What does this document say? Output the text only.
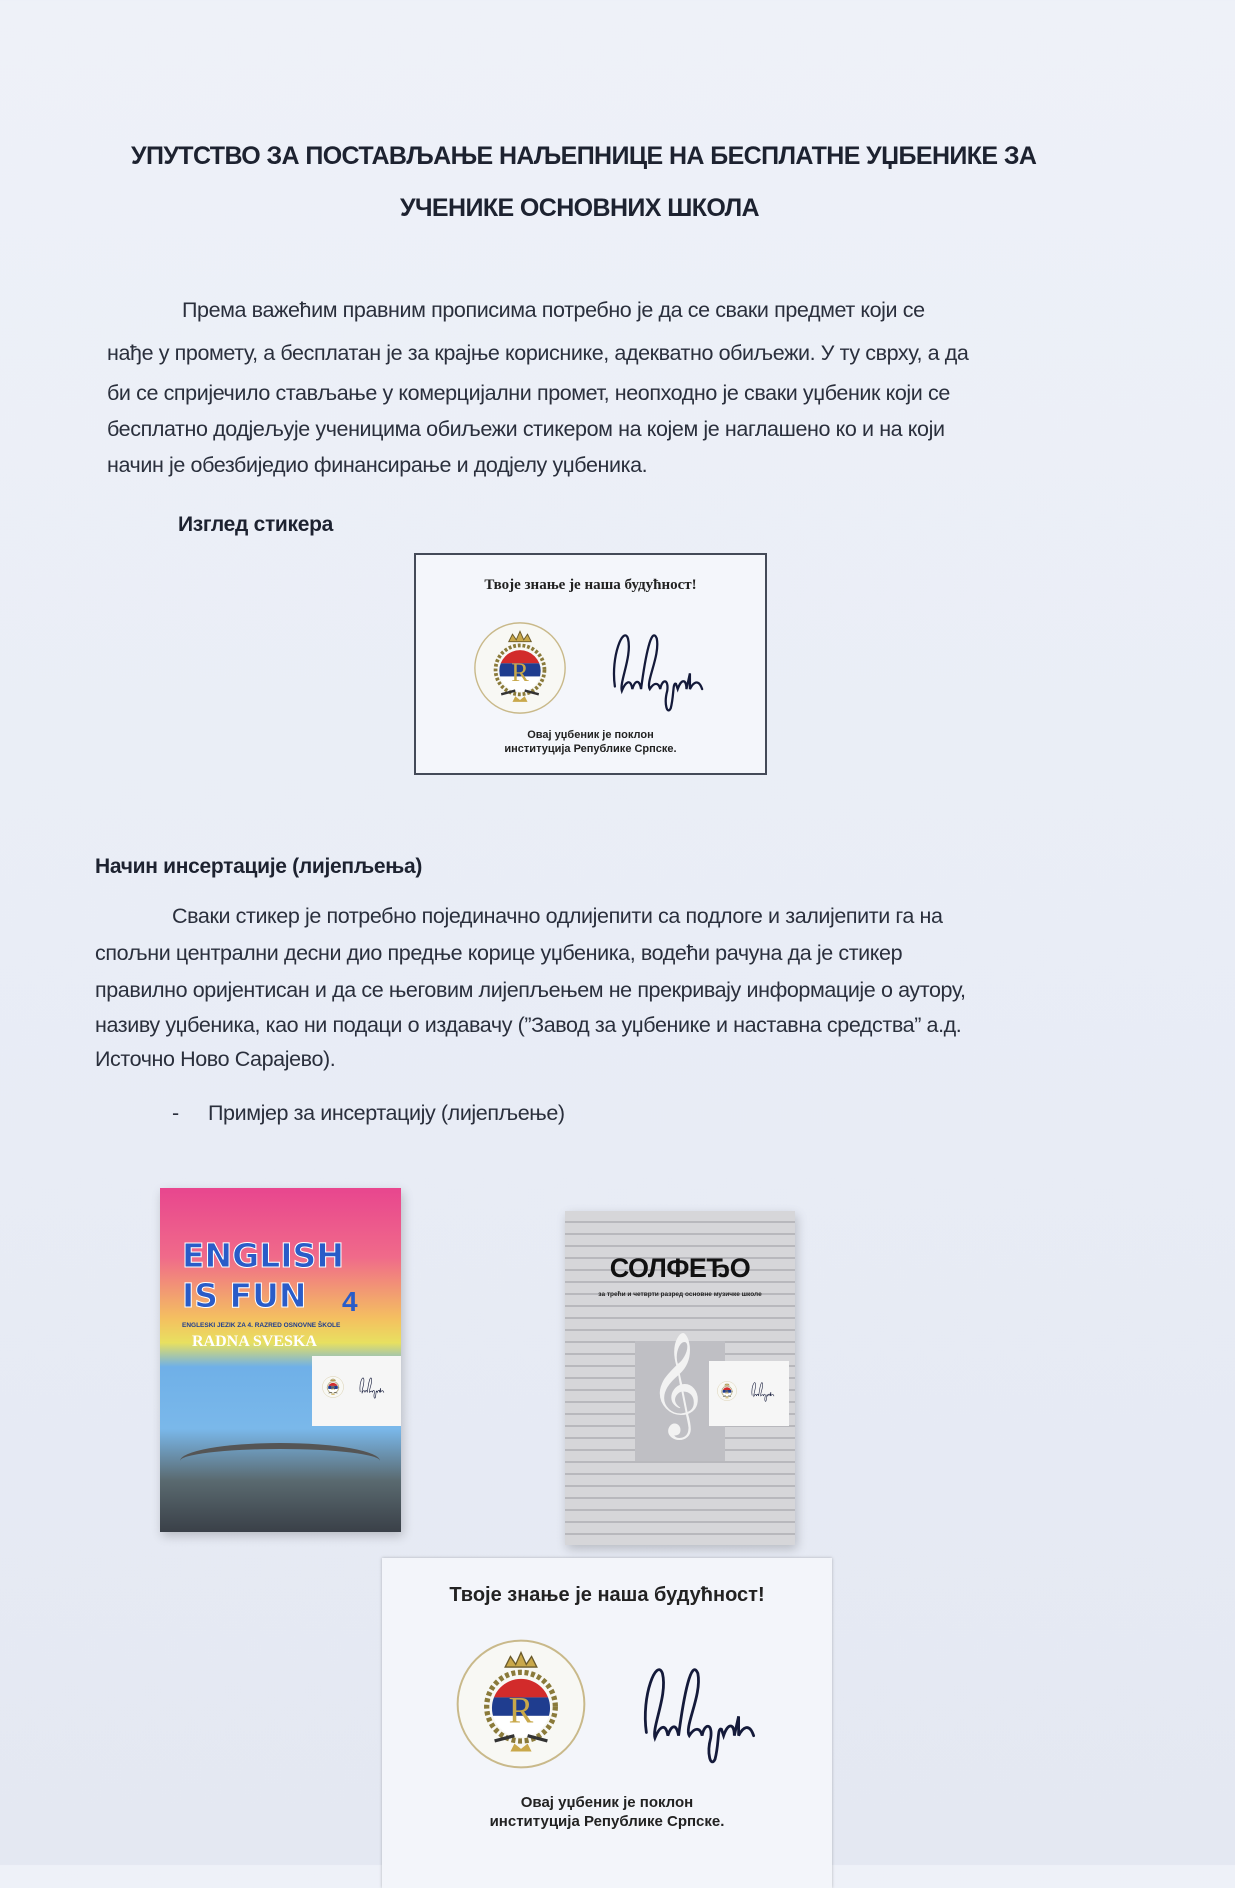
УПУТСТВО ЗА ПОСТАВЉАЊЕ НАЉЕПНИЦЕ НА БЕСПЛАТНЕ УЏБЕНИКЕ ЗА
УЧЕНИКЕ ОСНОВНИХ ШКОЛА
Према важећим правним прописима потребно је да се сваки предмет који се
нађе у промету, а бесплатан је за крајње кориснике, адекватно обиљежи. У ту сврху, а да
би се спријечило стављање у комерцијални промет, неопходно је сваки уџбеник који се
бесплатно додјељује ученицима обиљежи стикером на којем је наглашено ко и на који
начин је обезбиједио финансирање и додјелу уџбеника.
Изглед стикера
Твоје знање је наша будућност!
Овај уџбеник је поклон
институција Републике Српске.
Начин инсертације (лијепљења)
Сваки стикер је потребно појединачно одлијепити са подлоге и залијепити га на
спољни централни десни дио предње корице уџбеника, водећи рачуна да је стикер
правилно оријентисан и да се његовим лијепљењем не прекривају информације о аутору,
називу уџбеника, као ни подаци о издавачу (”Завод за уџбенике и наставна средства” а.д.
Источно Ново Сарајево).
- Примјер за инсертацију (лијепљење)
ENGLISH
IS FUN 4
ENGLESKI JEZIK ZA 4. RAZRED OSNOVNE ŠKOLE
RADNA SVESKA
СОЛФЕЂО
за трећи и четврти разред основне музичке школе
𝄞
Твоје знање је наша будућност!
Овај уџбеник је поклон
институција Републике Српске.
